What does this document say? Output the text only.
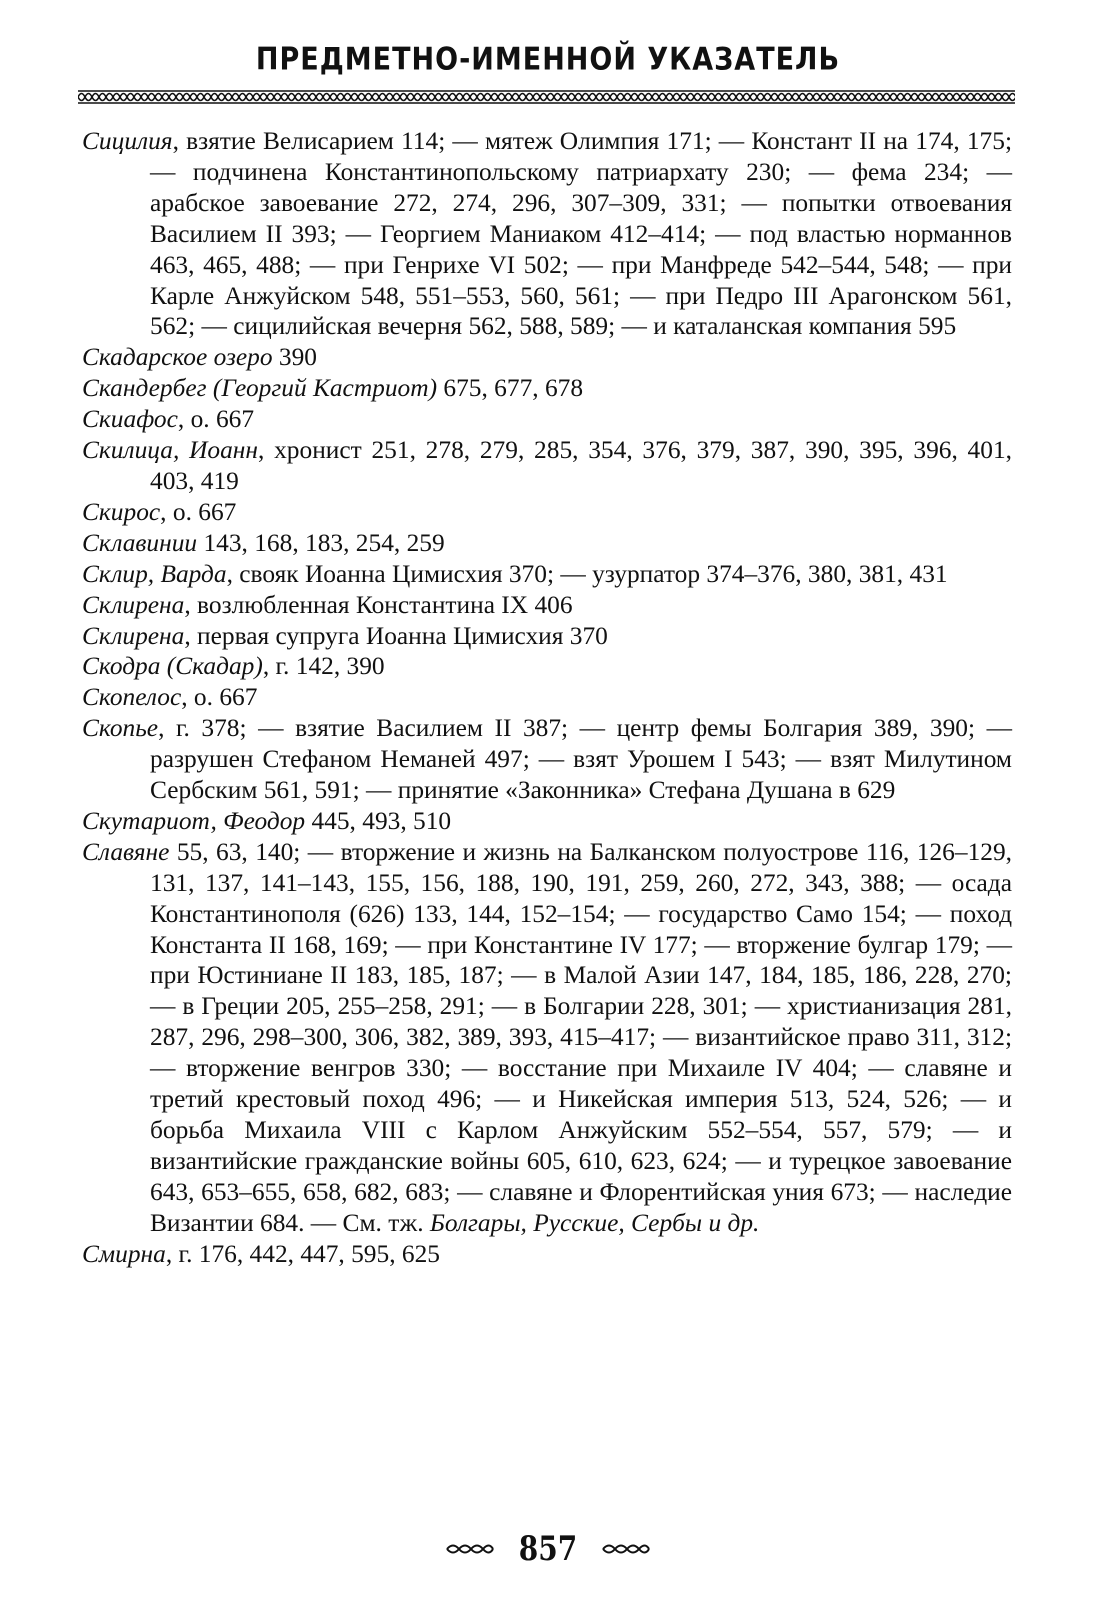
ПРЕДМЕТНО-ИМЕННОЙ УКАЗАТЕЛЬ

Сицилия, взятие Велисарием 114; — мятеж Олимпия 171; — Констант II на 174, 175; — подчинена Константинопольскому патриархату 230; — фема 234; — арабское завоевание 272, 274, 296, 307–309, 331; — попытки отвоевания Василием II 393; — Георгием Маниаком 412–414; — под властью норманнов 463, 465, 488; — при Генрихе VI 502; — при Манфреде 542–544, 548; — при Карле Анжуйском 548, 551–553, 560, 561; — при Педро III Арагонском 561, 562; — сицилийская вечерня 562, 588, 589; — и каталанская компания 595

Скадарское озеро 390

Скандербег (Георгий Кастриот) 675, 677, 678

Скиафос, о. 667

Скилица, Иоанн, хронист 251, 278, 279, 285, 354, 376, 379, 387, 390, 395, 396, 401, 403, 419

Скирос, о. 667

Склавинии 143, 168, 183, 254, 259

Склир, Варда, свояк Иоанна Цимисхия 370; — узурпатор 374–376, 380, 381, 431

Склирена, возлюбленная Константина IX 406

Склирена, первая супруга Иоанна Цимисхия 370

Скодра (Скадар), г. 142, 390

Скопелос, о. 667

Скопье, г. 378; — взятие Василием II 387; — центр фемы Болгария 389, 390; — разрушен Стефаном Неманей 497; — взят Урошем I 543; — взят Милутином Сербским 561, 591; — принятие «Законника» Стефана Душана в 629

Скутариот, Феодор 445, 493, 510

Славяне 55, 63, 140; — вторжение и жизнь на Балканском полуострове 116, 126–129, 131, 137, 141–143, 155, 156, 188, 190, 191, 259, 260, 272, 343, 388; — осада Константинополя (626) 133, 144, 152–154; — государство Само 154; — поход Константа II 168, 169; — при Константине IV 177; — вторжение булгар 179; — при Юстиниане II 183, 185, 187; — в Малой Азии 147, 184, 185, 186, 228, 270; — в Греции 205, 255–258, 291; — в Болгарии 228, 301; — христианизация 281, 287, 296, 298–300, 306, 382, 389, 393, 415–417; — византийское право 311, 312; — вторжение венгров 330; — восстание при Михаиле IV 404; — славяне и третий крестовый поход 496; — и Никейская империя 513, 524, 526; — и борьба Михаила VIII с Карлом Анжуйским 552–554, 557, 579; — и византийские гражданские войны 605, 610, 623, 624; — и турецкое завоевание 643, 653–655, 658, 682, 683; — славяне и Флорентийская уния 673; — наследие Византии 684. — См. тж. Болгары, Русские, Сербы и др.

Смирна, г. 176, 442, 447, 595, 625

857
